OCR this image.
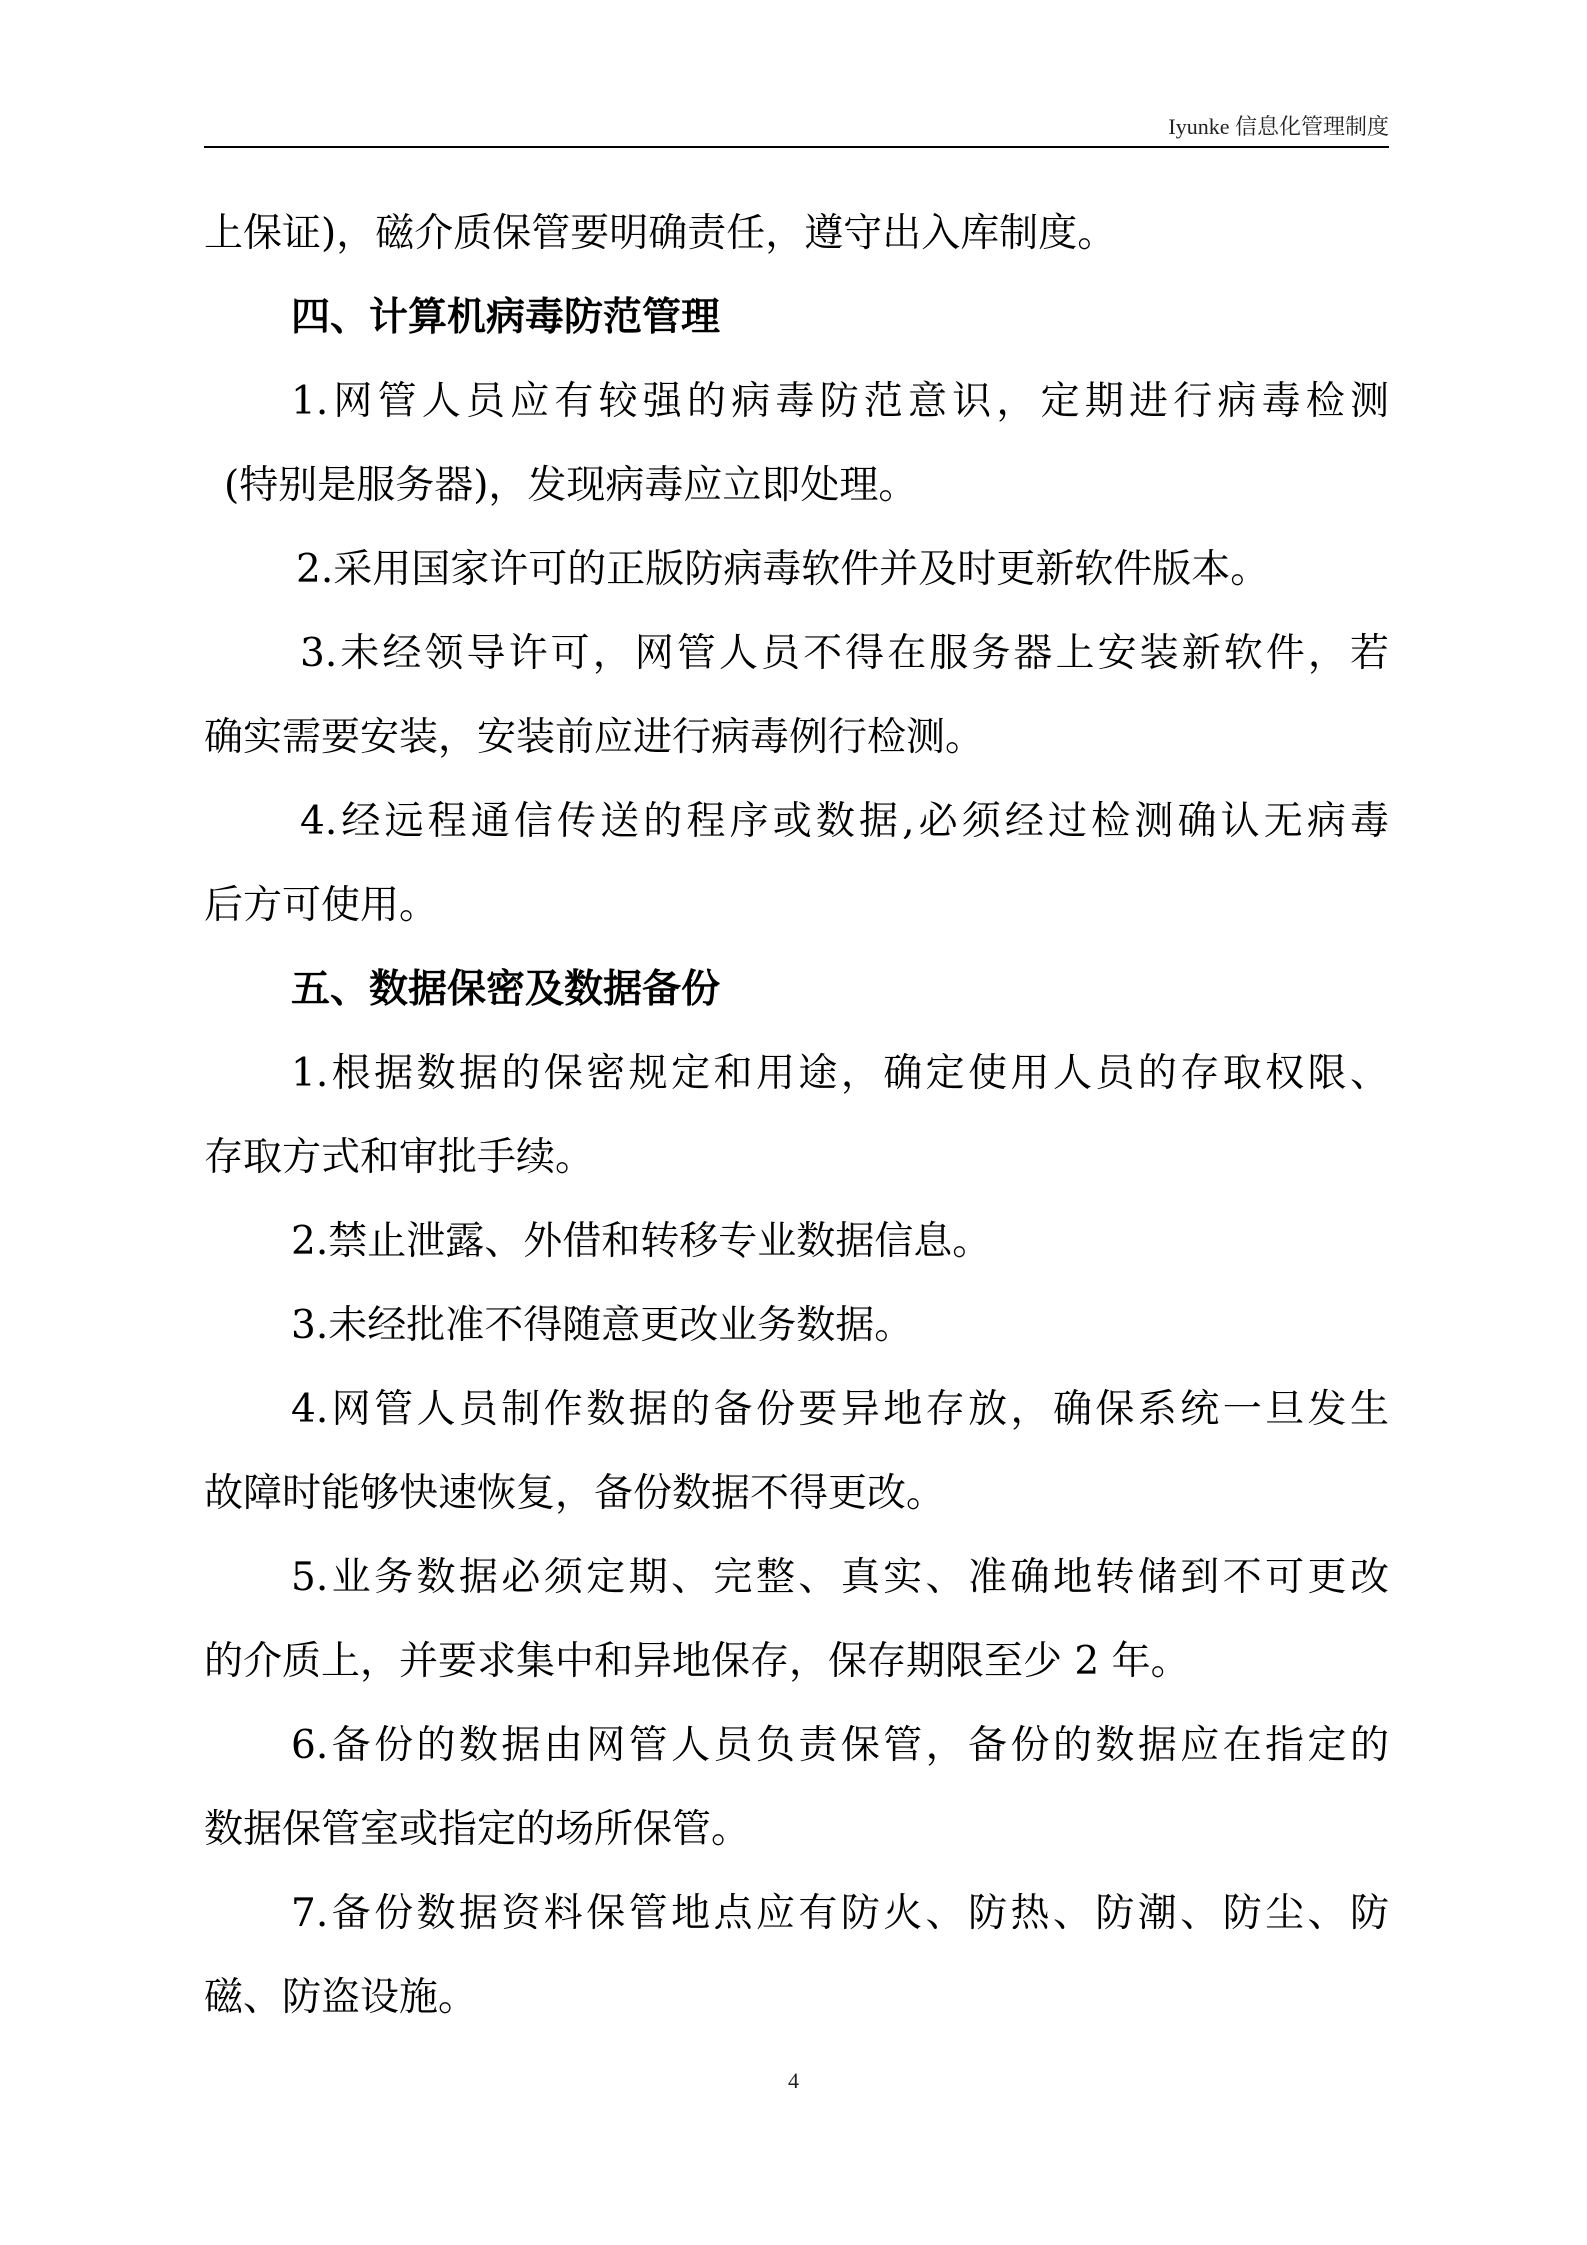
Iyunke 信息化管理制度
上保证)，磁介质保管要明确责任，遵守出入库制度。
四、计算机病毒防范管理
1.网管人员应有较强的病毒防范意识，定期进行病毒检测
(特别是服务器)，发现病毒应立即处理。
2.采用国家许可的正版防病毒软件并及时更新软件版本。
3.未经领导许可，网管人员不得在服务器上安装新软件，若
确实需要安装，安装前应进行病毒例行检测。
4.经远程通信传送的程序或数据,必须经过检测确认无病毒
后方可使用。
五、数据保密及数据备份
1.根据数据的保密规定和用途，确定使用人员的存取权限、
存取方式和审批手续。
2.禁止泄露、外借和转移专业数据信息。
3.未经批准不得随意更改业务数据。
4.网管人员制作数据的备份要异地存放，确保系统一旦发生
故障时能够快速恢复，备份数据不得更改。
5.业务数据必须定期、完整、真实、准确地转储到不可更改
的介质上，并要求集中和异地保存，保存期限至少 2 年。
6.备份的数据由网管人员负责保管，备份的数据应在指定的
数据保管室或指定的场所保管。
7.备份数据资料保管地点应有防火、防热、防潮、防尘、防
磁、防盗设施。
4
